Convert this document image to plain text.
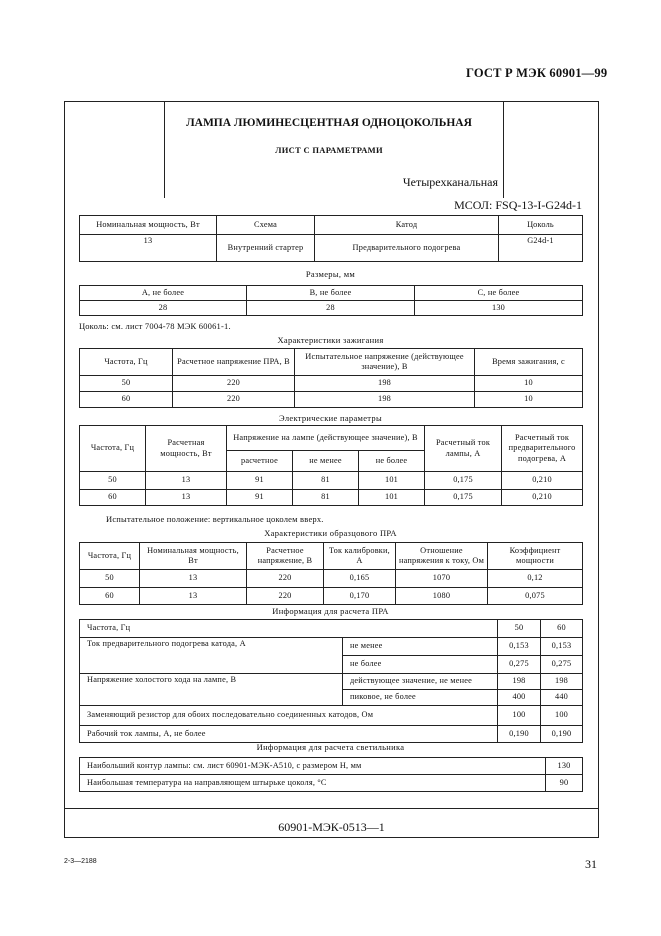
ГОСТ Р МЭК 60901—99
ЛАМПА ЛЮМИНЕСЦЕНТНАЯ ОДНОЦОКОЛЬНАЯ
ЛИСТ С ПАРАМЕТРАМИ
Четырехканальная
МСОЛ: FSQ-13-I-G24d-1
Номинальная мощность, Вт	Схема	Катод	Цоколь
13	Внутренний стартер	Предварительного подогрева	G24d-1
Размеры, мм
A, не более	B, не более	C, не более
28	28	130
Цоколь: см. лист 7004-78 МЭК 60061-1.
Характеристики зажигания
Частота, Гц	Расчетное напряжение ПРА, В	Испытательное напряжение (действующее значение), В	Время зажигания, с
50	220	198	10
60	220	198	10
Электрические параметры
Частота, Гц	Расчетная мощность, Вт	Напряжение на лампе (действующее значение), В			Расчетный ток лампы, А	Расчетный ток предварительного подогрева, А
		расчетное	не менее	не более		
50	13	91	81	101	0,175	0,210
60	13	91	81	101	0,175	0,210
Испытательное положение: вертикальное цоколем вверх.
Характеристики образцового ПРА
Частота, Гц	Номинальная мощность, Вт	Расчетное напряжение, В	Ток калибровки, А	Отношение напряжения к току, Ом	Коэффициент мощности
50	13	220	0,165	1070	0,12
60	13	220	0,170	1080	0,075
Информация для расчета ПРА
Частота, Гц		50	60
Ток предварительного подогрева катода, А	не менее	0,153	0,153
	не более	0,275	0,275
Напряжение холостого хода на лампе, В	действующее значение, не менее	198	198
	пиковое, не более	400	440
Заменяющий резистор для обоих последовательно соединенных катодов, Ом		100	100
Рабочий ток лампы, А, не более		0,190	0,190
Информация для расчета светильника
Наибольший контур лампы: см. лист 60901-МЭК-А510, с размером H, мм	130
Наибольшая температура на направляющем штырьке цоколя, °С	90
60901-МЭК-0513—1
2-3—2188	31
